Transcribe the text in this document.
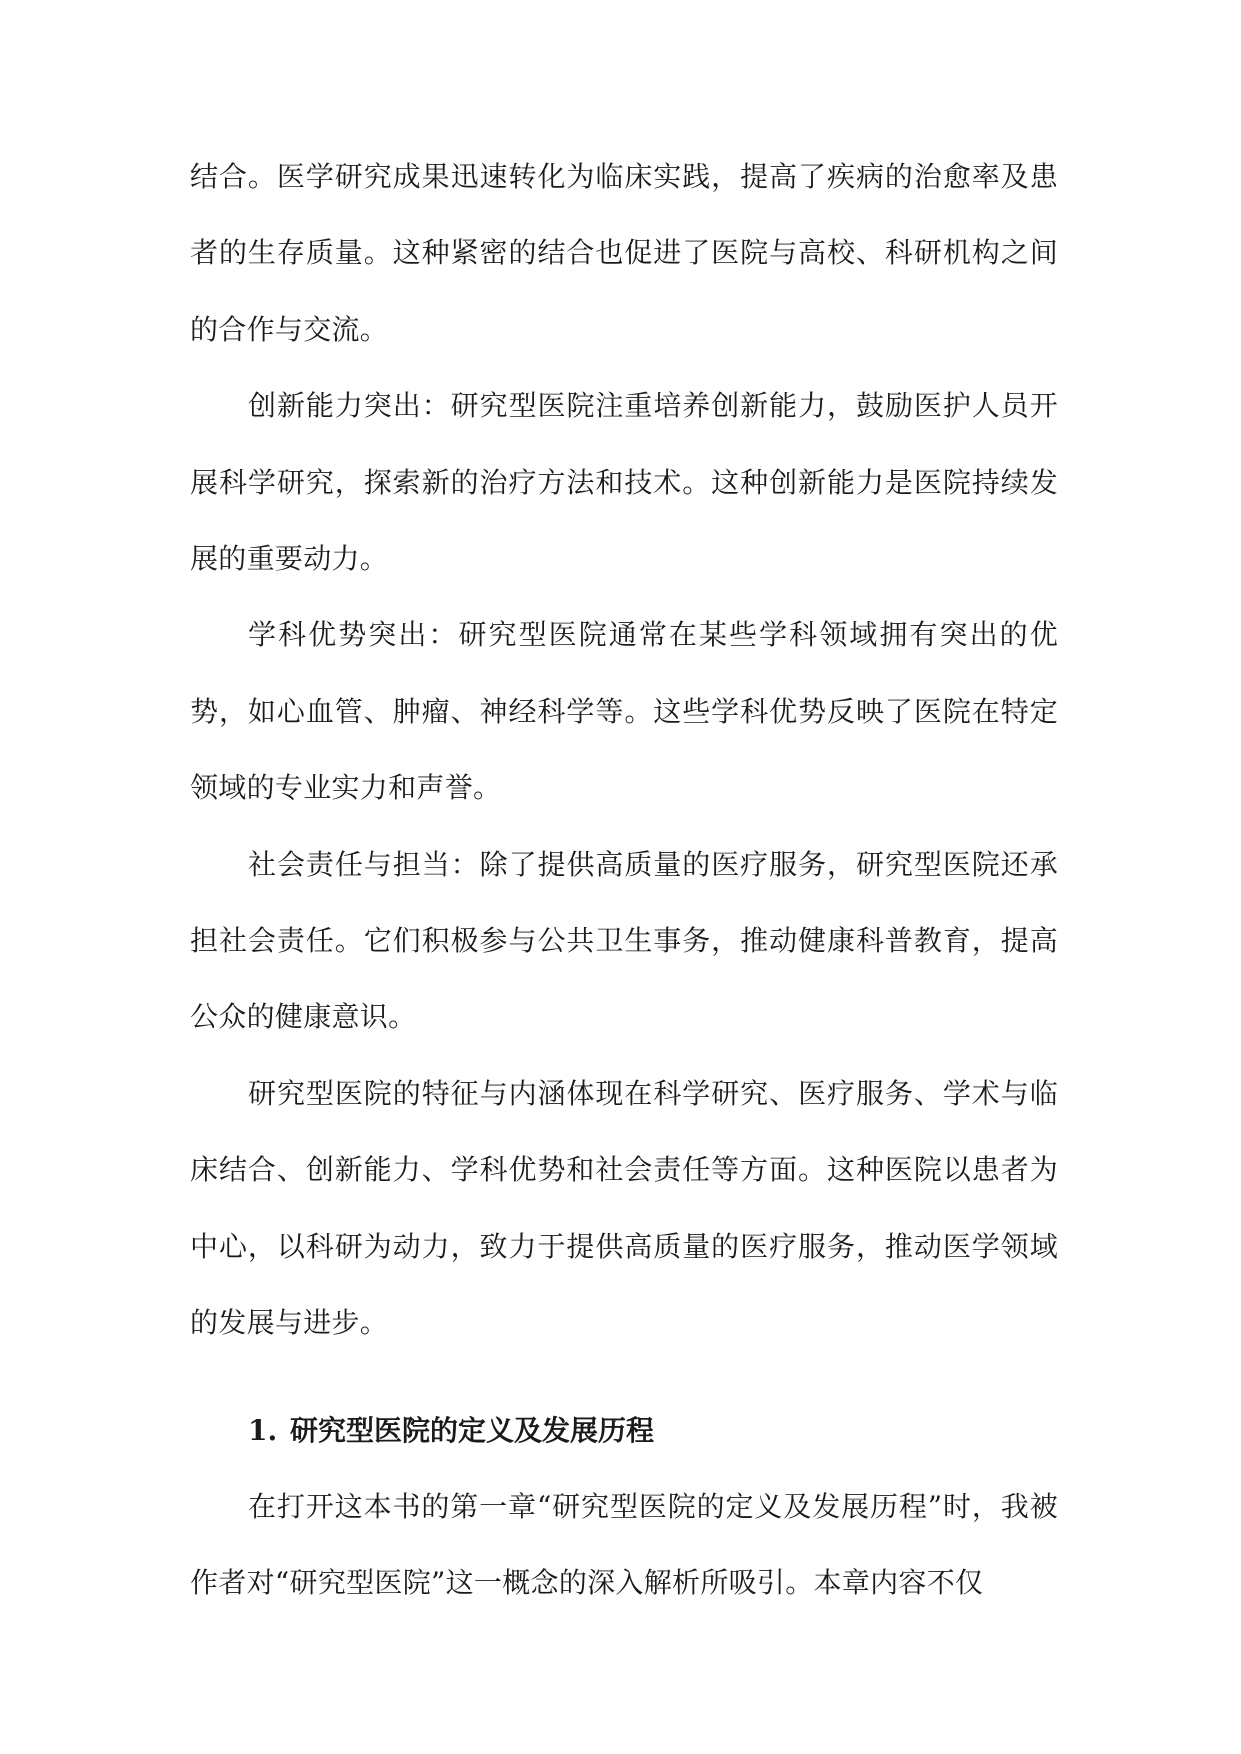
结合。医学研究成果迅速转化为临床实践，提高了疾病的治愈率及患者的生存质量。这种紧密的结合也促进了医院与高校、科研机构之间的合作与交流。

创新能力突出：研究型医院注重培养创新能力，鼓励医护人员开展科学研究，探索新的治疗方法和技术。这种创新能力是医院持续发展的重要动力。

学科优势突出：研究型医院通常在某些学科领域拥有突出的优势，如心血管、肿瘤、神经科学等。这些学科优势反映了医院在特定领域的专业实力和声誉。

社会责任与担当：除了提供高质量的医疗服务，研究型医院还承担社会责任。它们积极参与公共卫生事务，推动健康科普教育，提高公众的健康意识。

研究型医院的特征与内涵体现在科学研究、医疗服务、学术与临床结合、创新能力、学科优势和社会责任等方面。这种医院以患者为中心，以科研为动力，致力于提供高质量的医疗服务，推动医学领域的发展与进步。

1. 研究型医院的定义及发展历程

在打开这本书的第一章“研究型医院的定义及发展历程”时，我被作者对“研究型医院”这一概念的深入解析所吸引。本章内容不仅
